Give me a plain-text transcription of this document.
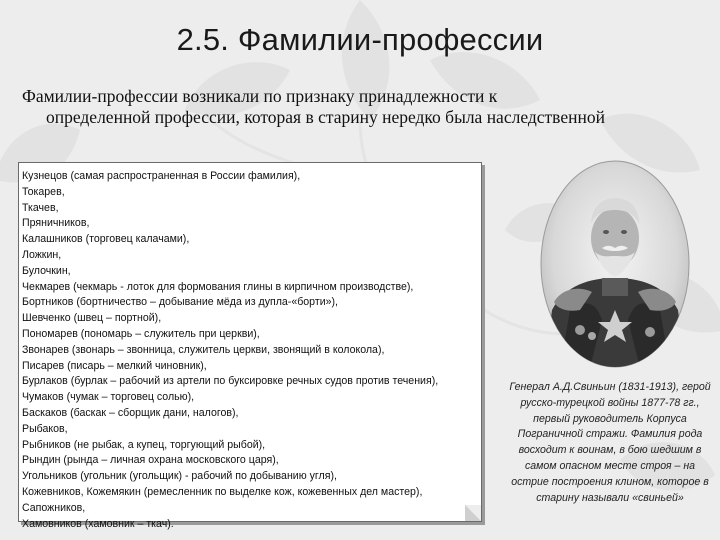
2.5. Фамилии-профессии
Фамилии-профессии возникали по признаку принадлежности к
определенной профессии, которая в старину нередко была наследственной
Кузнецов (самая распространенная в России фамилия),
Токарев,
Ткачев,
Пряничников,
Калашников (торговец калачами),
Ложкин,
Булочкин,
Чекмарев (чекмарь - лоток для формования глины в кирпичном производстве),
Бортников (бортничество – добывание мёда из дупла-«борти»),
Шевченко (швец – портной),
Пономарев (пономарь – служитель при церкви),
Звонарев (звонарь – звонница, служитель церкви, звонящий в колокола),
Писарев (писарь – мелкий чиновник),
Бурлаков (бурлак – рабочий из артели по буксировке речных судов против течения),
Чумаков (чумак – торговец солью),
Баскаков (баскак – сборщик дани, налогов),
Рыбаков,
Рыбников (не рыбак, а купец, торгующий рыбой),
Рындин (рында – личная охрана московского царя),
Угольников (угольник (угольщик) - рабочий по добыванию угля),
Кожевников, Кожемякин (ремесленник по выделке кож, кожевенных дел мастер),
Сапожников,
Хамовников (хамовник – ткач).
Генерал А.Д.Свиньин (1831-1913), герой русско-турецкой войны 1877-78 гг., первый руководитель Корпуса Пограничной стражи. Фамилия рода восходит к воинам, в бою шедшим в самом опасном месте строя – на острие построения клином, которое в старину называли «свиньей»
